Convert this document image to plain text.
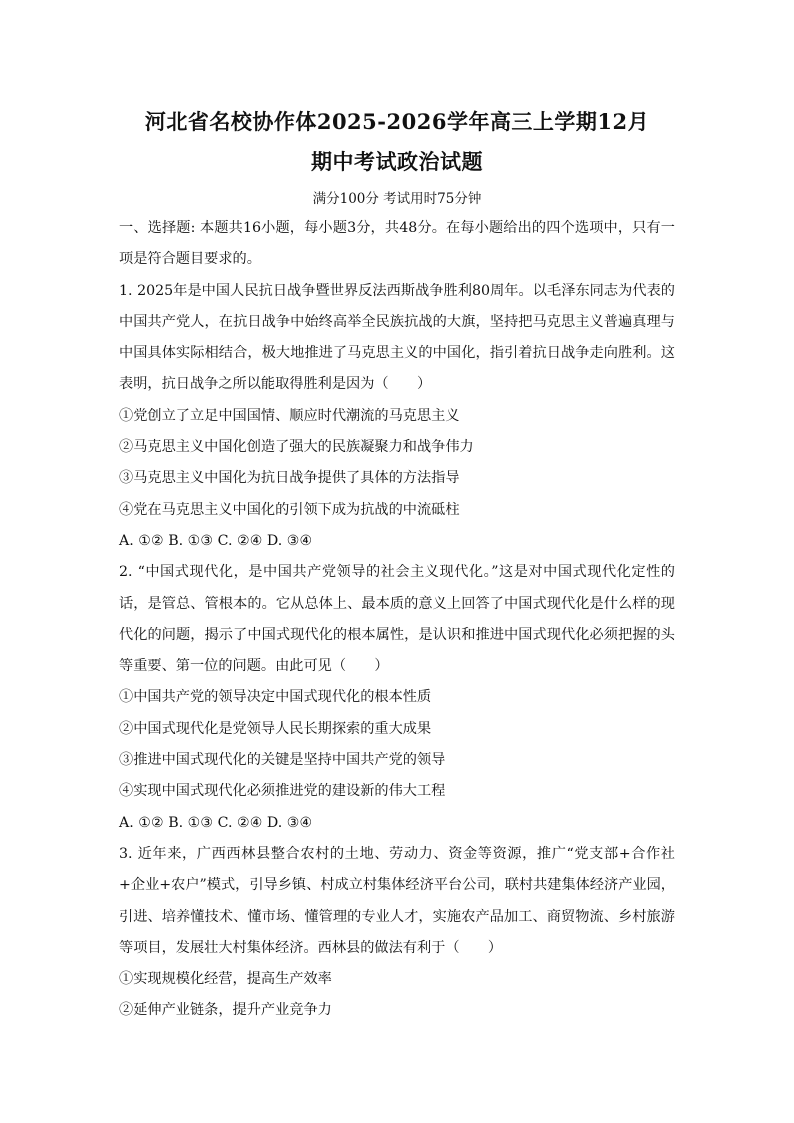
河北省名校协作体2025-2026学年高三上学期12月
期中考试政治试题
满分100分 考试用时75分钟

一、选择题: 本题共16小题，每小题3分，共48分。在每小题给出的四个选项中，只有一项是符合题目要求的。

1. 2025年是中国人民抗日战争暨世界反法西斯战争胜利80周年。以毛泽东同志为代表的中国共产党人，在抗日战争中始终高举全民族抗战的大旗，坚持把马克思主义普遍真理与中国具体实际相结合，极大地推进了马克思主义的中国化，指引着抗日战争走向胜利。这表明，抗日战争之所以能取得胜利是因为（　　）

①党创立了立足中国国情、顺应时代潮流的马克思主义

②马克思主义中国化创造了强大的民族凝聚力和战争伟力

③马克思主义中国化为抗日战争提供了具体的方法指导

④党在马克思主义中国化的引领下成为抗战的中流砥柱

A. ①② B. ①③ C. ②④ D. ③④

2. “中国式现代化，是中国共产党领导的社会主义现代化。”这是对中国式现代化定性的话，是管总、管根本的。它从总体上、最本质的意义上回答了中国式现代化是什么样的现代化的问题，揭示了中国式现代化的根本属性，是认识和推进中国式现代化必须把握的头等重要、第一位的问题。由此可见（　　）

①中国共产党的领导决定中国式现代化的根本性质

②中国式现代化是党领导人民长期探索的重大成果

③推进中国式现代化的关键是坚持中国共产党的领导

④实现中国式现代化必须推进党的建设新的伟大工程

A. ①② B. ①③ C. ②④ D. ③④

3. 近年来，广西西林县整合农村的土地、劳动力、资金等资源，推广“党支部+合作社+企业+农户”模式，引导乡镇、村成立村集体经济平台公司，联村共建集体经济产业园，引进、培养懂技术、懂市场、懂管理的专业人才，实施农产品加工、商贸物流、乡村旅游等项目，发展壮大村集体经济。西林县的做法有利于（　　）

①实现规模化经营，提高生产效率

②延伸产业链条，提升产业竞争力
